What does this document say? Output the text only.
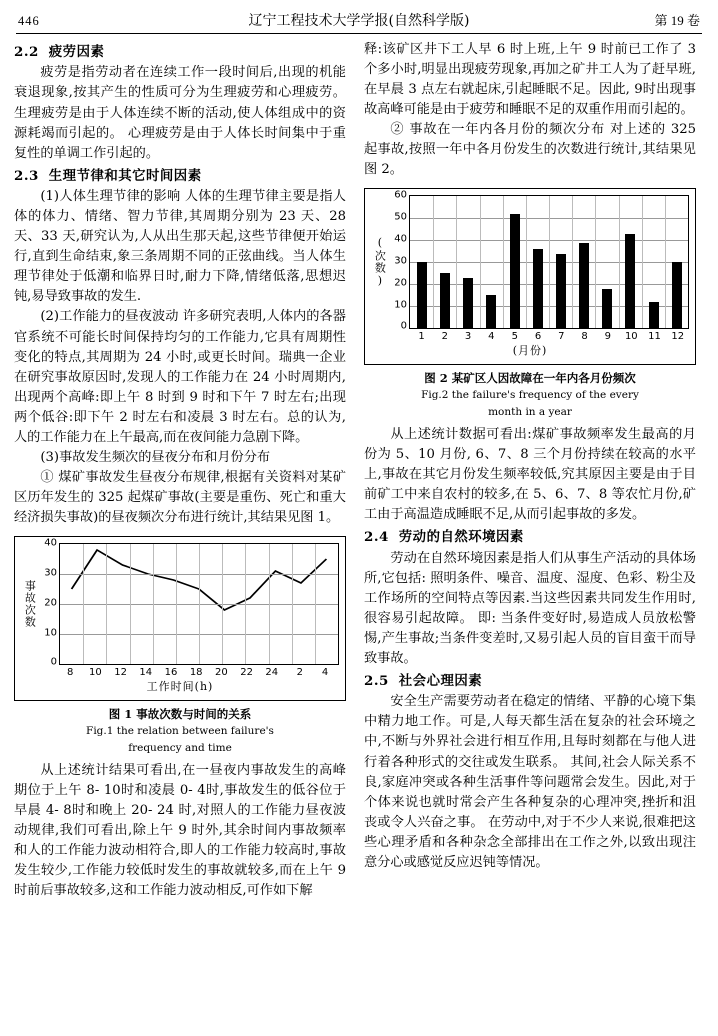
446	辽宁工程技术大学学报(自然科学版)	第 19 卷
2.2 疲劳因素

疲劳是指劳动者在连续工作一段时间后,出现的机能衰退现象,按其产生的性质可分为生理疲劳和心理疲劳。生理疲劳是由于人体连续不断的活动,使人体组成中的资源耗竭而引起的。 心理疲劳是由于人体长时间集中于重复性的单调工作引起的。

2.3 生理节律和其它时间因素

(1)人体生理节律的影响 人体的生理节律主要是指人体的体力、情绪、智力节律,其周期分别为 23 天、28 天、33 天,研究认为,人从出生那天起,这些节律便开始运行,直到生命结束,象三条周期不同的正弦曲线。当人体生理节律处于低潮和临界日时,耐力下降,情绪低落,思想迟钝,易导致事故的发生.

(2)工作能力的昼夜波动 许多研究表明,人体内的各器官系统不可能长时间保持均匀的工作能力,它具有周期性变化的特点,其周期为 24 小时,或更长时间。瑞典一企业在研究事故原因时,发现人的工作能力在 24 小时周期内,出现两个高峰:即上午 8 时到 9 时和下午 7 时左右;出现两个低谷:即下午 2 时左右和凌晨 3 时左右。总的认为,人的工作能力在上午最高,而在夜间能力急剧下降。

(3)事故发生频次的昼夜分布和月份分布

① 煤矿事故发生昼夜分布规律,根据有关资料对某矿区历年发生的 325 起煤矿事故(主要是重伤、死亡和重大经济损失事故)的昼夜频次分布进行统计,其结果见图 1。

事故次数
40
30
20
10
0
8 10 12 14 16 18 20 22 24 2 4
工作时间(h)
图 1 事故次数与时间的关系
Fig.1 the relation between failure's
frequency and time

从上述统计结果可看出,在一昼夜内事故发生的高峰期位于上午 8- 10时和凌晨 0- 4时,事故发生的低谷位于早晨 4- 8时和晚上 20- 24 时,对照人的工作能力昼夜波动规律,我们可看出,除上午 9 时外,其余时间内事故频率和人的工作能力波动相符合,即人的工作能力较高时,事故发生较少,工作能力较低时发生的事故就较多,而在上午 9 时前后事故较多,这和工作能力波动相反,可作如下解

释:该矿区井下工人早 6 时上班,上午 9 时前已工作了 3 个多小时,明显出现疲劳现象,再加之矿井工人为了赶早班,在早晨 3 点左右就起床,引起睡眠不足。因此, 9时出现事故高峰可能是由于疲劳和睡眠不足的双重作用而引起的。

② 事故在一年内各月份的频次分布 对上述的 325 起事故,按照一年中各月份发生的次数进行统计,其结果见图 2。

(次数)
60
50
40
30
20
10
0
1 2 3 4 5 6 7 8 9 10 11 12
(月份)
图 2 某矿区人因故障在一年内各月份频次
Fig.2 the failure's frequency of the every
month in a year

从上述统计数据可看出:煤矿事故频率发生最高的月份为 5、10 月份, 6、7、8 三个月份持续在较高的水平上,事故在其它月份发生频率较低,究其原因主要是由于目前矿工中来自农村的较多,在 5、6、7、8 等农忙月份,矿工由于高温造成睡眠不足,从而引起事故的多发。

2.4 劳动的自然环境因素

劳动在自然环境因素是指人们从事生产活动的具体场所,它包括: 照明条件、噪音、温度、湿度、色彩、粉尘及工作场所的空间特点等因素.当这些因素共同发生作用时, 很容易引起故障。 即: 当条件变好时,易造成人员放松警惕,产生事故;当条件变差时,又易引起人员的盲目蛮干而导致事故。

2.5 社会心理因素

安全生产需要劳动者在稳定的情绪、平静的心境下集中精力地工作。可是,人每天都生活在复杂的社会环境之中,不断与外界社会进行相互作用,且每时刻都在与他人进行着各种形式的交往或发生联系。 其间,社会人际关系不良,家庭冲突或各种生活事件等问题常会发生。因此,对于个体来说也就时常会产生各种复杂的心理冲突,挫折和沮丧或令人兴奋之事。 在劳动中,对于不少人来说,很难把这些心理矛盾和各种杂念全部排出在工作之外,以致出现注意分心或感觉反应迟钝等情况。
